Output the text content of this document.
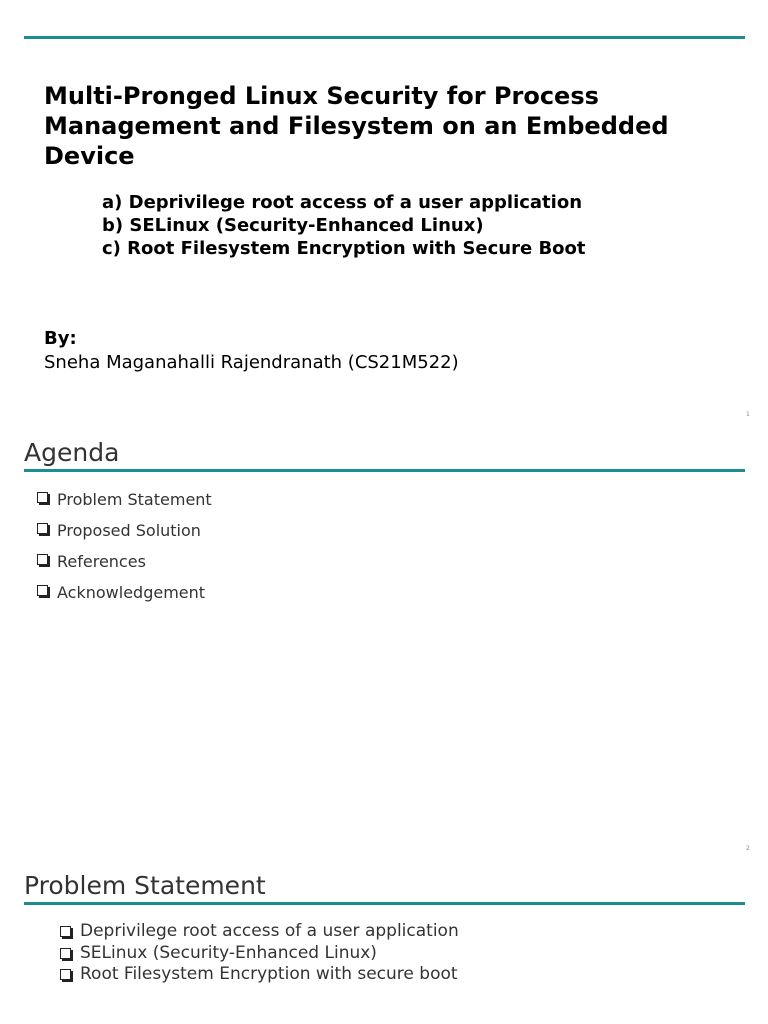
Multi-Pronged Linux Security for Process Management and Filesystem on an Embedded Device
a) Deprivilege root access of a user application
b) SELinux (Security-Enhanced Linux)
c) Root Filesystem Encryption with Secure Boot
By:
Sneha Maganahalli Rajendranath (CS21M522)
1
Agenda
Problem Statement
Proposed Solution
References
Acknowledgement
2
Problem Statement
Deprivilege root access of a user application
SELinux (Security-Enhanced Linux)
Root Filesystem Encryption with secure boot
